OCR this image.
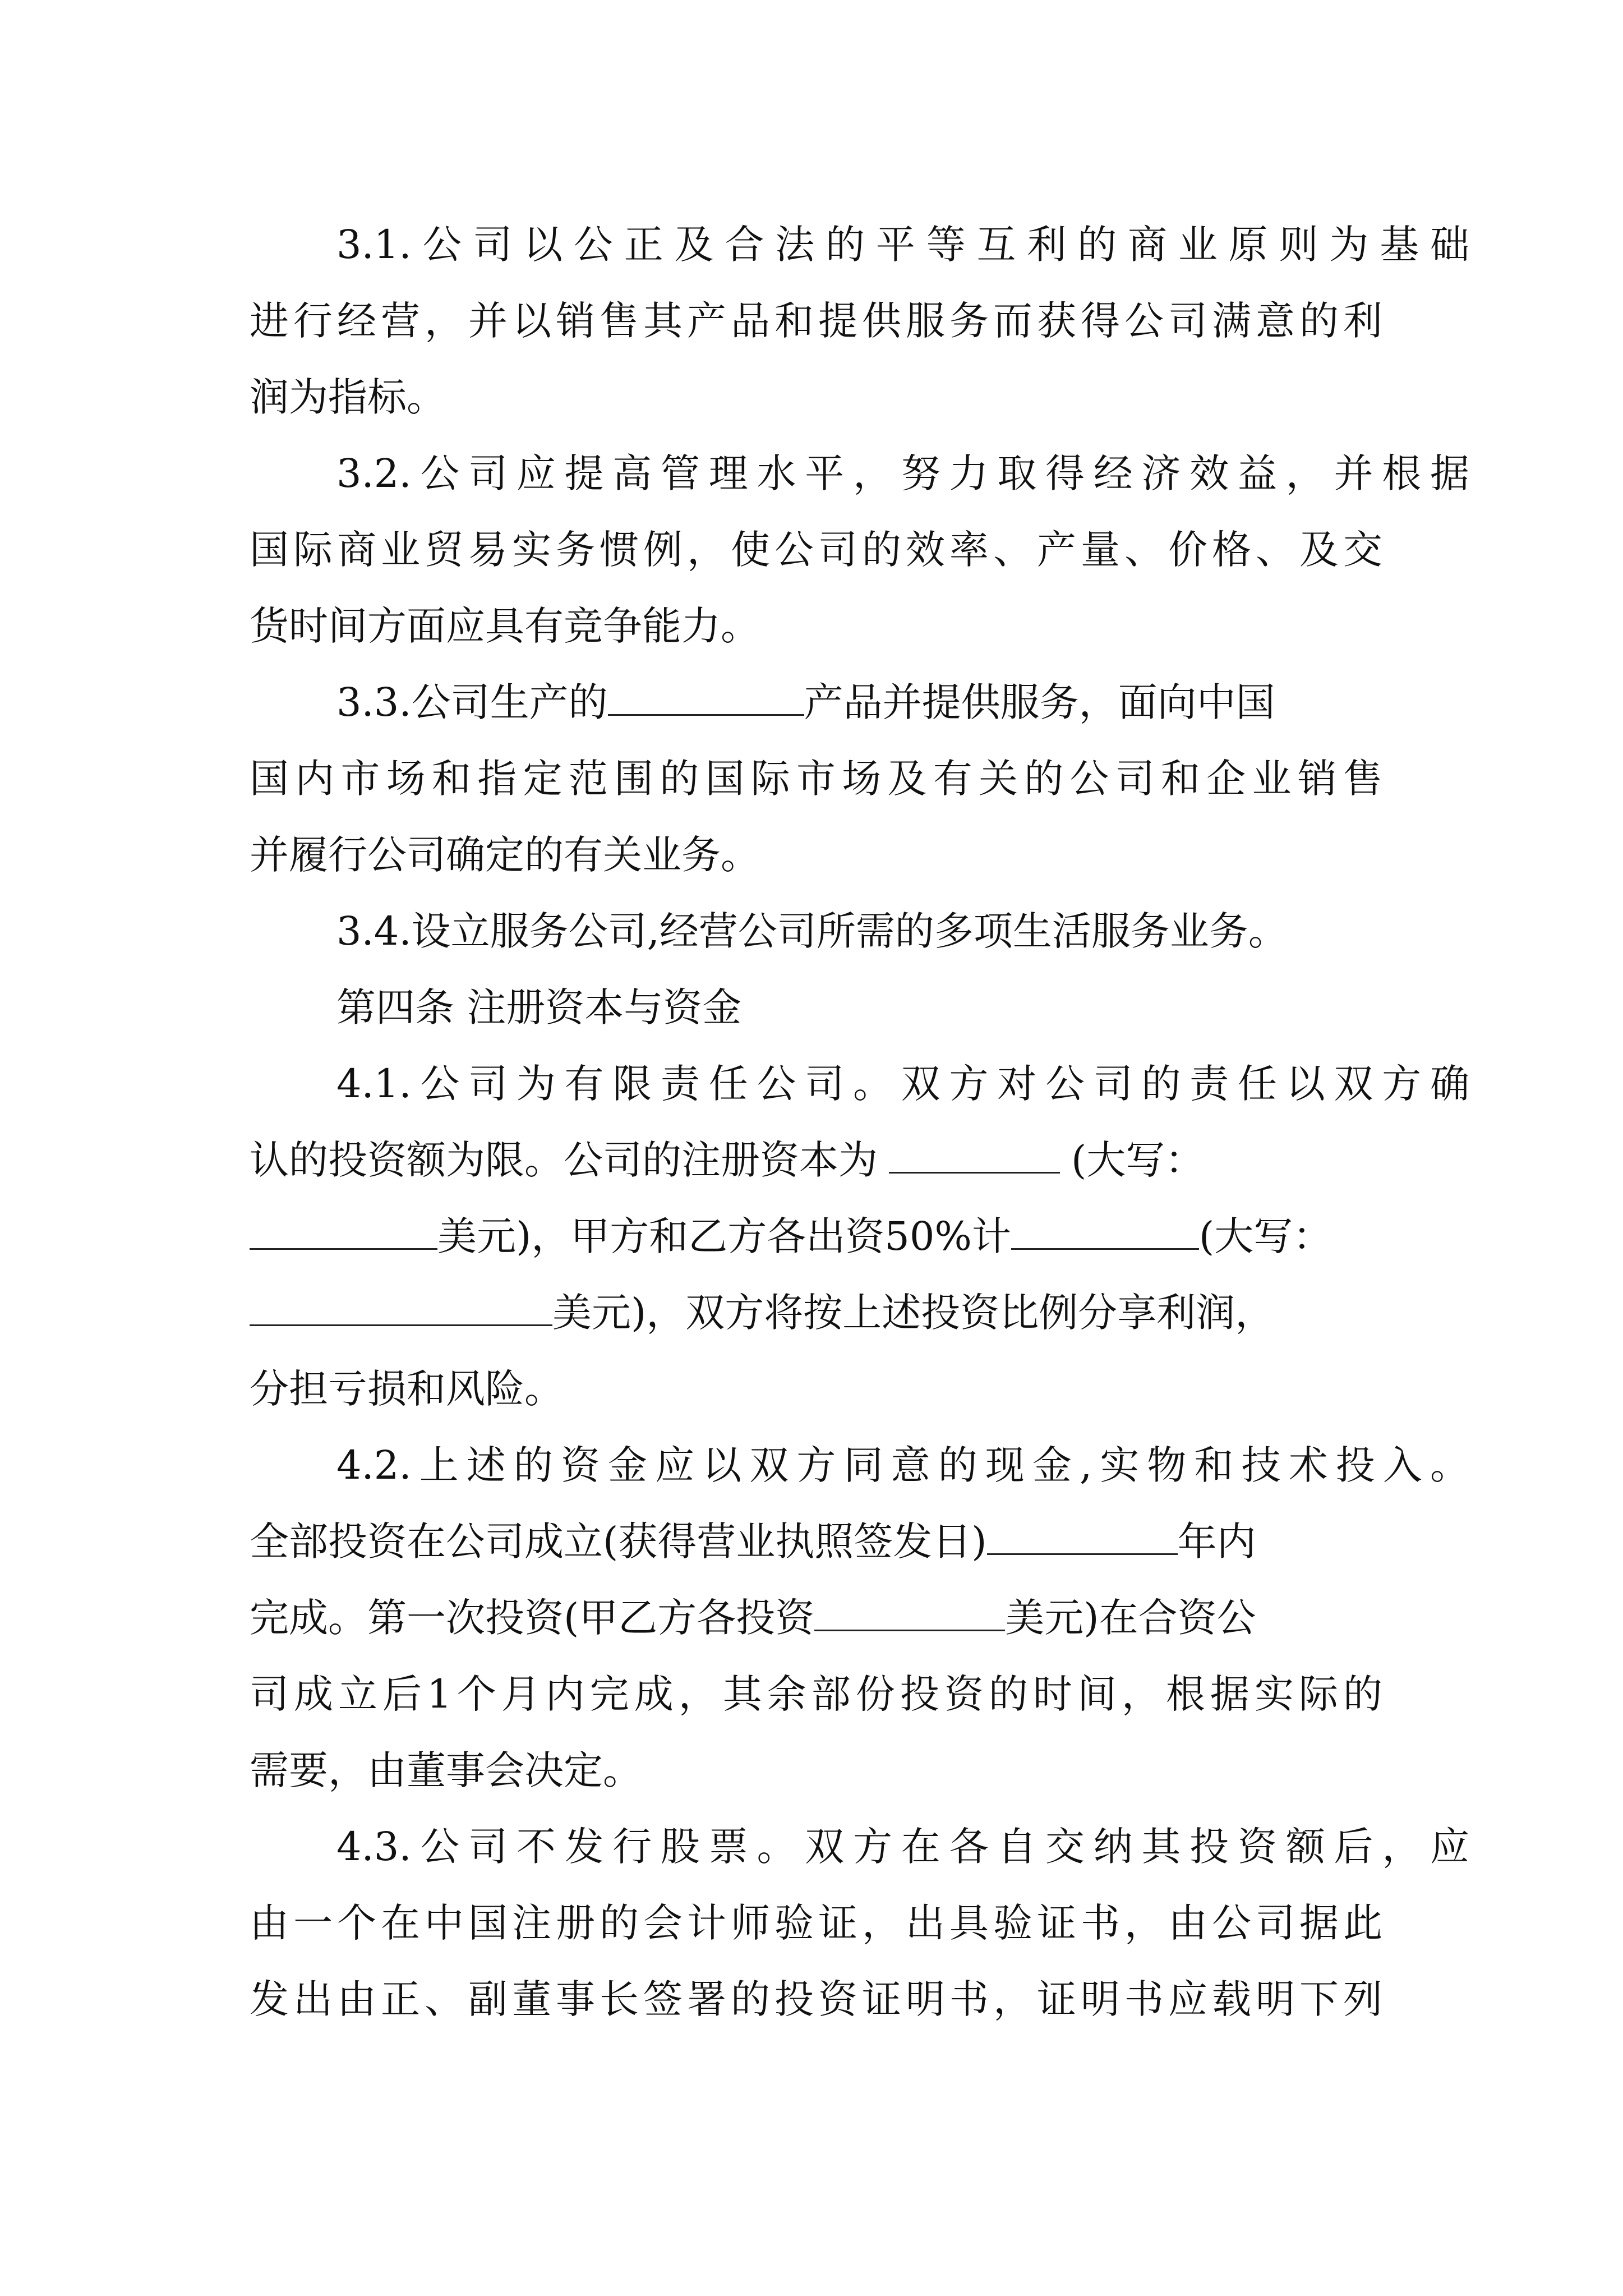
3.1.公司以公正及合法的平等互利的商业原则为基础
进行经营，并以销售其产品和提供服务而获得公司满意的利
润为指标。
3.2.公司应提高管理水平，努力取得经济效益，并根据
国际商业贸易实务惯例，使公司的效率、产量、价格、及交
货时间方面应具有竞争能力。
3.3.公司生产的	产品并提供服务，面向中国
国内市场和指定范围的国际市场及有关的公司和企业销售
并履行公司确定的有关业务。
3.4.设立服务公司,经营公司所需的多项生活服务业务。
第四条 注册资本与资金
4.1.公司为有限责任公司。双方对公司的责任以双方确
认的投资额为限。公司的注册资本为	(大写：
美元)，甲方和乙方各出资50%计	(大写：
美元)，双方将按上述投资比例分享利润，
分担亏损和风险。
4.2.上述的资金应以双方同意的现金,实物和技术投入。
全部投资在公司成立(获得营业执照签发日)	年内
完成。第一次投资(甲乙方各投资	美元)在合资公
司成立后1个月内完成，其余部份投资的时间，根据实际的
需要，由董事会决定。
4.3.公司不发行股票。双方在各自交纳其投资额后，应
由一个在中国注册的会计师验证，出具验证书，由公司据此
发出由正、副董事长签署的投资证明书，证明书应载明下列
